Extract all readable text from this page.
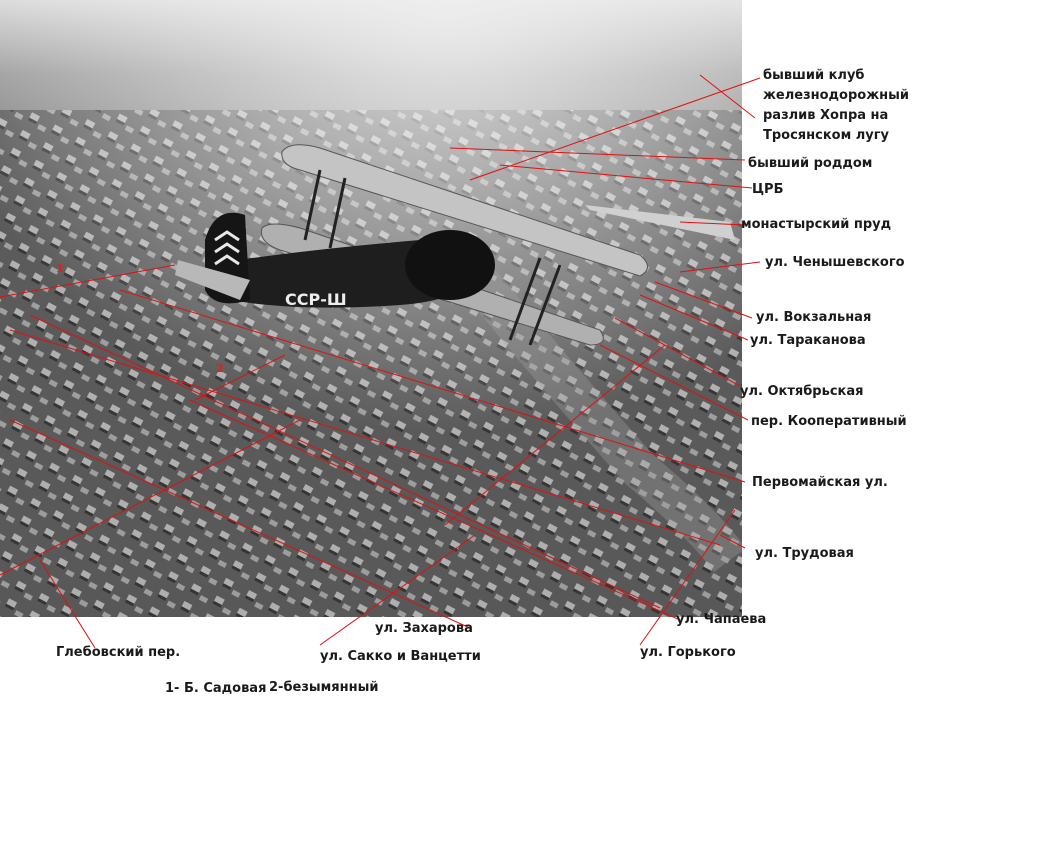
ССР-Ш
1
2
бывший клуб
железнодорожный
разлив Хопра на
Тросянском лугу
бывший роддом
ЦРБ
монастырский пруд
ул. Ченышевского
ул. Вокзальная
ул. Тараканова
ул. Октябрьская
пер. Кооперативный
Первомайская ул.
ул. Трудовая
ул. Чапаева
ул. Захарова
ул. Горького
Глебовский пер.	ул. Сакко и Ванцетти
1- Б. Садовая 2-безымянный
